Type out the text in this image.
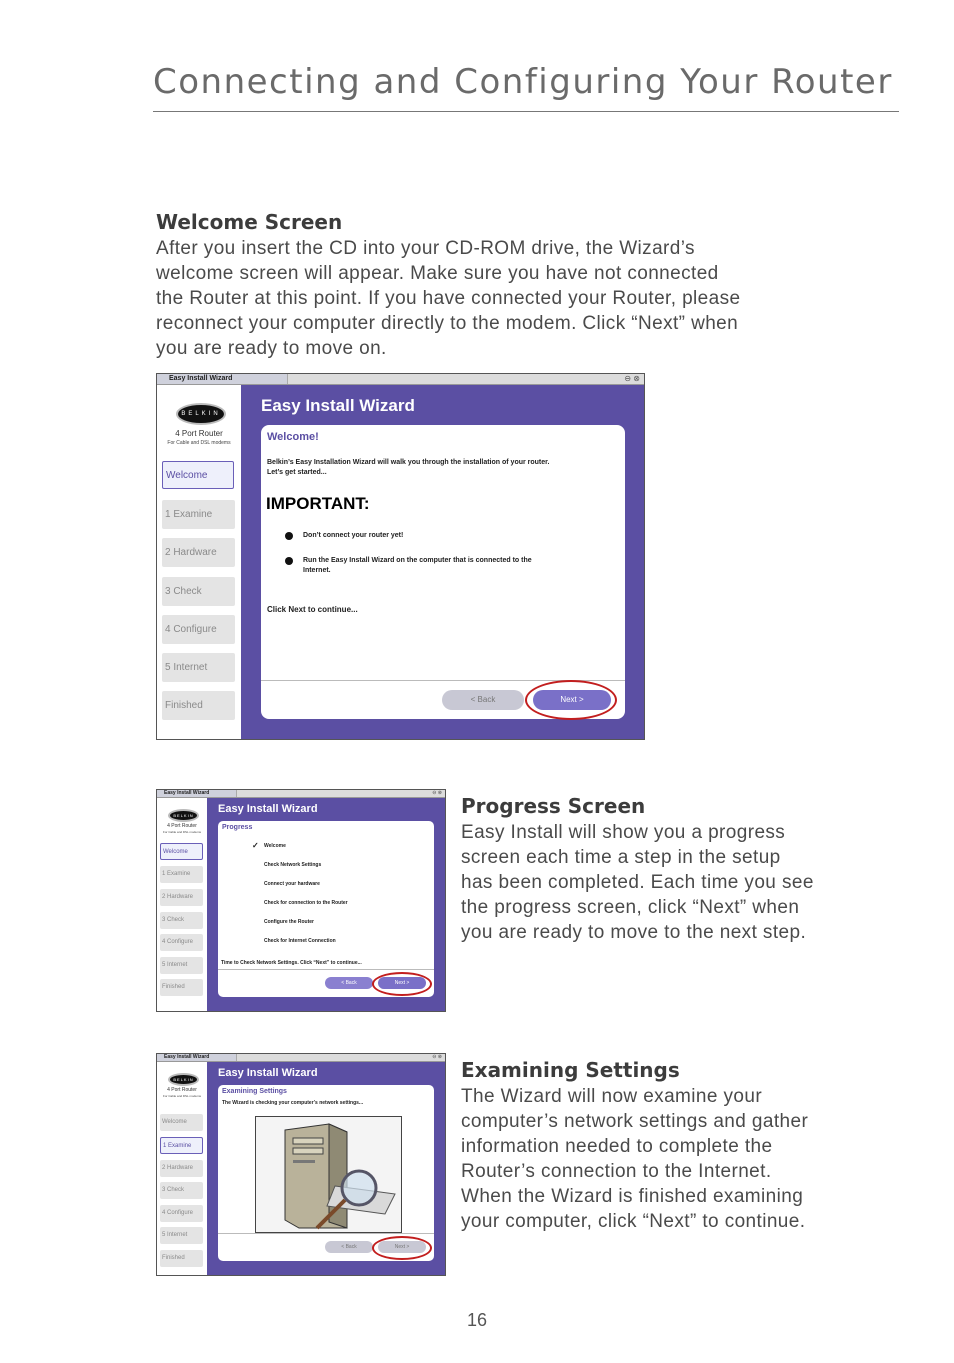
Connecting and Configuring Your Router
Welcome Screen
After you insert the CD into your CD-ROM drive, the Wizard’s
welcome screen will appear. Make sure you have not connected
the Router at this point. If you have connected your Router, please
reconnect your computer directly to the modem. Click “Next” when
you are ready to move on.
Easy Install Wizard	⊖ ⊗
BELKIN
4 Port Router
For Cable and DSL modems
Welcome
1 Examine
2 Hardware
3 Check
4 Configure
5 Internet
Finished
Easy Install Wizard
Welcome!
Belkin’s Easy Installation Wizard will walk you through the installation of your router.
Let’s get started...
IMPORTANT:
Don’t connect your router yet!
Run the Easy Install Wizard on the computer that is connected to the
Internet.
Click Next to continue...
< Back	Next >
Easy Install Wizard	⊖ ⊗
BELKIN
4 Port Router
For Cable and DSL modems
Welcome
1 Examine
2 Hardware
3 Check
4 Configure
5 Internet
Finished
Easy Install Wizard
Progress
✓ Welcome
Check Network Settings
Connect your hardware
Check for connection to the Router
Configure the Router
Check for Internet Connection
Time to Check Network Settings. Click “Next” to continue...
< Back	Next >
Progress Screen
Easy Install will show you a progress
screen each time a step in the setup
has been completed. Each time you see
the progress screen, click “Next” when
you are ready to move to the next step.
Easy Install Wizard	⊖ ⊗
BELKIN
4 Port Router
For Cable and DSL modems
Welcome
1 Examine
2 Hardware
3 Check
4 Configure
5 Internet
Finished
Easy Install Wizard
Examining Settings
The Wizard is checking your computer’s network settings...
< Back	Next >
Examining Settings
The Wizard will now examine your
computer’s network settings and gather
information needed to complete the
Router’s connection to the Internet.
When the Wizard is finished examining
your computer, click “Next” to continue.
16
